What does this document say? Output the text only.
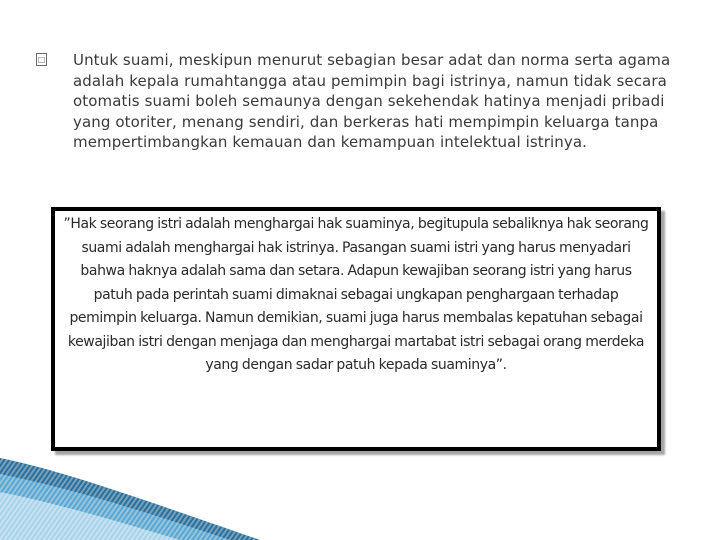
□ Untuk suami, meskipun menurut sebagian besar adat dan norma serta agama adalah kepala rumahtangga atau pemimpin bagi istrinya, namun tidak secara otomatis suami boleh semaunya dengan sekehendak hatinya menjadi pribadi yang otoriter, menang sendiri, dan berkeras hati mempimpin keluarga tanpa mempertimbangkan kemauan dan kemampuan intelektual istrinya.
”Hak seorang istri adalah menghargai hak suaminya, begitupula sebaliknya hak seorang suami adalah menghargai hak istrinya. Pasangan suami istri yang harus menyadari bahwa haknya adalah sama dan setara. Adapun kewajiban seorang istri yang harus patuh pada perintah suami dimaknai sebagai ungkapan penghargaan terhadap pemimpin keluarga. Namun demikian, suami juga harus membalas kepatuhan sebagai kewajiban istri dengan menjaga dan menghargai martabat istri sebagai orang merdeka yang dengan sadar patuh kepada suaminya”.
